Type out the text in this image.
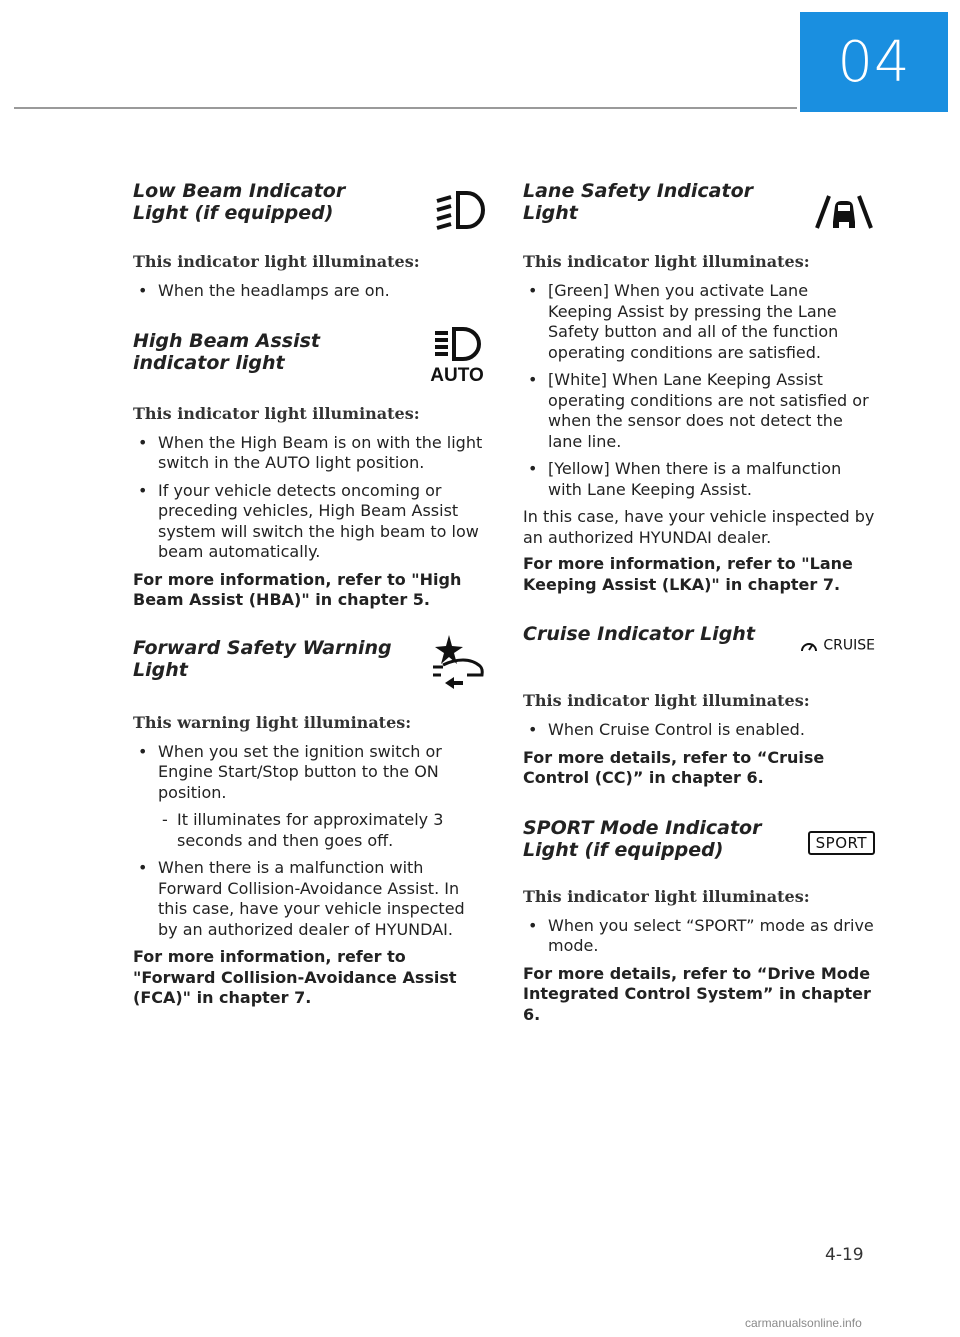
04
Low Beam Indicator Light (if equipped)

This indicator light illuminates:

• When the headlamps are on.
High Beam Assist indicator light
AUTO

This indicator light illuminates:

• When the High Beam is on with the light switch in the AUTO light position.
• If your vehicle detects oncoming or preceding vehicles, High Beam Assist system will switch the high beam to low beam automatically.

For more information, refer to "High Beam Assist (HBA)" in chapter 5.

Forward Safety Warning Light

This warning light illuminates:

• When you set the ignition switch or Engine Start/Stop button to the ON position.
- It illuminates for approximately 3 seconds and then goes off.
• When there is a malfunction with Forward Collision-Avoidance Assist. In this case, have your vehicle inspected by an authorized dealer of HYUNDAI.

For more information, refer to "Forward Collision-Avoidance Assist (FCA)" in chapter 7.

Lane Safety Indicator Light

This indicator light illuminates:

• [Green] When you activate Lane Keeping Assist by pressing the Lane Safety button and all of the function operating conditions are satisfied.
• [White] When Lane Keeping Assist operating conditions are not satisfied or when the sensor does not detect the lane line.
• [Yellow] When there is a malfunction with Lane Keeping Assist.

In this case, have your vehicle inspected by an authorized HYUNDAI dealer.

For more information, refer to "Lane Keeping Assist (LKA)" in chapter 7.

Cruise Indicator Light
CRUISE

This indicator light illuminates:

• When Cruise Control is enabled.

For more details, refer to “Cruise Control (CC)” in chapter 6.

SPORT Mode Indicator Light (if equipped)	SPORT

This indicator light illuminates:

• When you select “SPORT” mode as drive mode.

For more details, refer to “Drive Mode Integrated Control System” in chapter 6.

4-19
carmanualsonline.info
